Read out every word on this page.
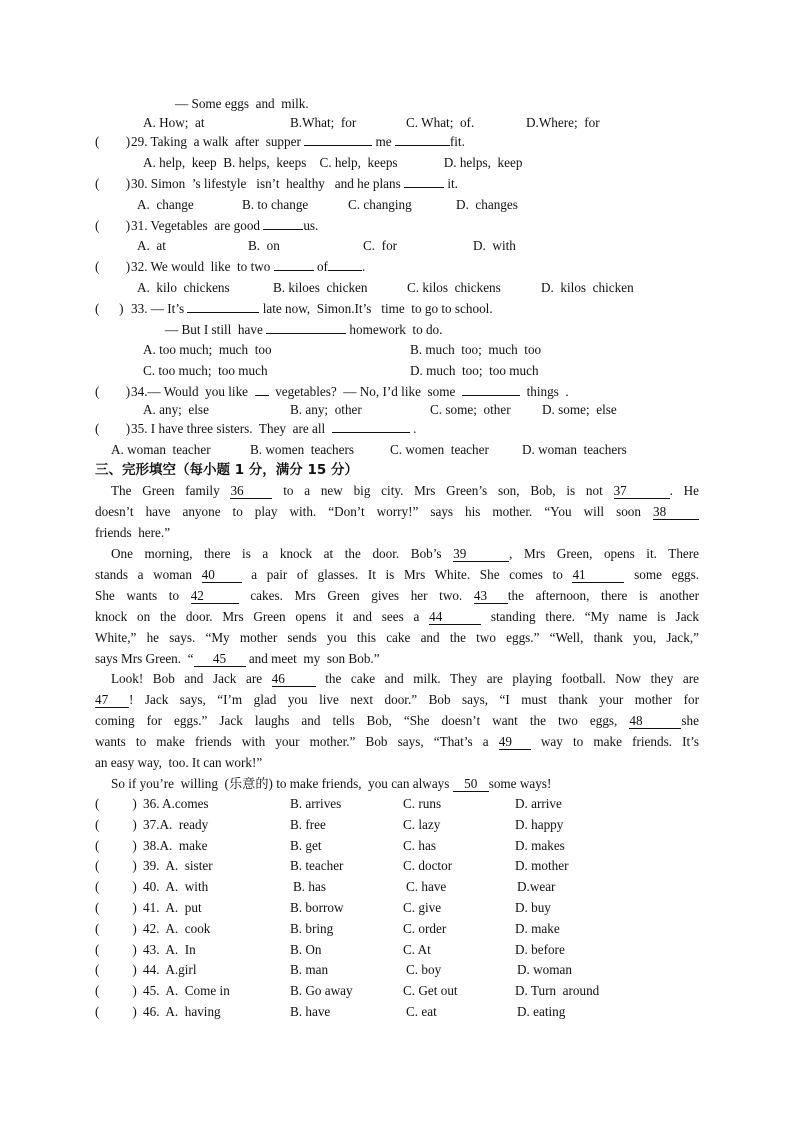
— Some eggs  and  milk.
A. How;  at	B.What;  for	C. What;  of.	D.Where;  for
(        ) 29. Taking  a walk  after  supper	me	fit.
A. help,  keep  B. helps,  keeps    C. help,  keeps              D. helps,  keep
(        ) 30. Simon  ’s lifestyle   isn’t  healthy   and he plans	it.
A.  change	B. to change	C. changing	D.  changes
(        ) 31. Vegetables  are good	us.
A.  at	B.  on	C.  for	D.  with
(        ) 32. We would  like  to two	of	.
A.  kilo  chickens	B. kiloes  chicken	C. kilos  chickens	D.  kilos  chicken
(      ) 33. — It’s	late now,  Simon.It’s   time  to go to school.
— But I still  have	homework  to do.
A. too much;  much  too	B. much  too;  much  too
C. too much;  too much	D. much  too;  too much
(        ) 34.— Would  you like vegetables?  — No, I’d like  some	things  .
A. any;  else	B. any;  other	C. some;  other D. some;  else
(        ) 35. I have three sisters.  They  are all	.
A. woman  teacher	B. women  teachers	C. women  teacher	D. woman  teachers
三、完形填空（每小题 1 分，满分 15 分）
The Green family 36	to a new big city. Mrs Green’s son, Bob, is not 37	. He
doesn’t have anyone to play with. “Don’t worry!” says his mother. “You will soon 38
friends  here.”
One morning, there is a knock at the door. Bob’s 39	, Mrs Green, opens it. There
stands a woman 40	a pair of glasses. It is Mrs White. She comes to 41	some eggs.
She wants to 42	cakes. Mrs Green gives her two. 43 the afternoon, there is another
knock on the door. Mrs Green opens it and sees a 44	standing there. “My name is Jack
White,” he says. “My mother sends you this cake and the two eggs.” “Well, thank you, Jack,”
says Mrs Green.  “ 45 and meet  my  son Bob.”
Look! Bob and Jack are 46	the cake and milk. They are playing football. Now they are
47 ! Jack says, “I’m glad you live next door.” Bob says, “I must thank your mother for
coming for eggs.” Jack laughs and tells Bob, “She doesn’t want the two eggs, 48	she
wants to make friends with your mother.” Bob says, “That’s a 49 way to make friends. It’s
an easy way,  too. It can work!”
So if you’re  willing  (乐意的) to make friends,  you can always 50 some ways!
(          ) 36. A.comes	B. arrives	C. runs	D. arrive
(          ) 37.A.  ready	B. free	C. lazy	D. happy
(          ) 38.A.  make	B. get	C. has	D. makes
(          ) 39.  A.  sister	B. teacher	C. doctor	D. mother
(          ) 40.  A.  with	B. has	C. have	D.wear
(          ) 41.  A.  put	B. borrow	C. give	D. buy
(          ) 42.  A.  cook	B. bring	C. order	D. make
(          ) 43.  A.  In	B. On	C. At	D. before
(          ) 44.  A.girl	B. man	C. boy	D. woman
(          ) 45.  A.  Come in	B. Go away	C. Get out	D. Turn  around
(          ) 46.  A.  having	B. have	C. eat	D. eating
